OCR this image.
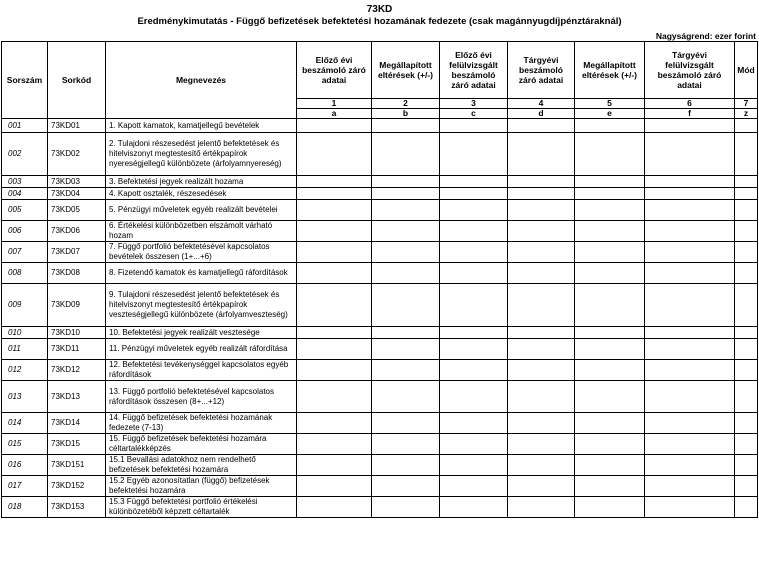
73KD
Eredménykimutatás - Függő befizetések befektetési hozamának fedezete (csak magánnyugdíjpénztáraknál)
Nagyságrend: ezer forint
Sorszám	Sorkód	Megnevezés	Előző évi beszámoló záró adatai	Megállapított eltérések (+/-)	Előző évi felülvizsgált beszámoló záró adatai	Tárgyévi beszámoló záró adatai	Megállapított eltérések (+/-)	Tárgyévi felülvizsgált beszámoló záró adatai	Mód
			1	2	3	4	5	6	7
			a	b	c	d	e	f	z
001	73KD01	1. Kapott kamatok, kamatjellegű bevételek							
002	73KD02	2. Tulajdoni részesedést jelentő befektetések és hitelviszonyt megtestesítő értékpapírok nyereségjellegű különbözete (árfolyamnyereség)							
003	73KD03	3. Befektetési jegyek realizált hozama							
004	73KD04	4. Kapott osztalék, részesedések							
005	73KD05	5. Pénzügyi műveletek egyéb realizált bevételei							
006	73KD06	6. Értékelési különbözetben elszámolt várható hozam							
007	73KD07	7. Függő portfolió befektetésével kapcsolatos bevételek összesen (1+...+6)							
008	73KD08	8. Fizetendő kamatok és kamatjellegű ráfordítások							
009	73KD09	9. Tulajdoni részesedést jelentő befektetések és hitelviszonyt megtestesítő értékpapírok veszteségjellegű különbözete (árfolyamveszteség)							
010	73KD10	10. Befektetési jegyek realizált vesztesége							
011	73KD11	11. Pénzügyi műveletek egyéb realizált ráfordítása							
012	73KD12	12. Befektetési tevékenységgel kapcsolatos egyéb ráfordítások							
013	73KD13	13. Függő portfolió befektetésével kapcsolatos ráfordítások összesen (8+...+12)							
014	73KD14	14. Függő befizetések befektetési hozamának fedezete (7-13)							
015	73KD15	15. Függő befizetések befektetési hozamára céltartalékképzés							
016	73KD151	15.1 Bevallási adatokhoz nem rendelhető befizetések befektetési hozamára							
017	73KD152	15.2 Egyéb azonosítatlan (függő) befizetések befektetési hozamára							
018	73KD153	15.3 Függő befektetési portfolió értékelési különbözetéből képzett céltartalék							
